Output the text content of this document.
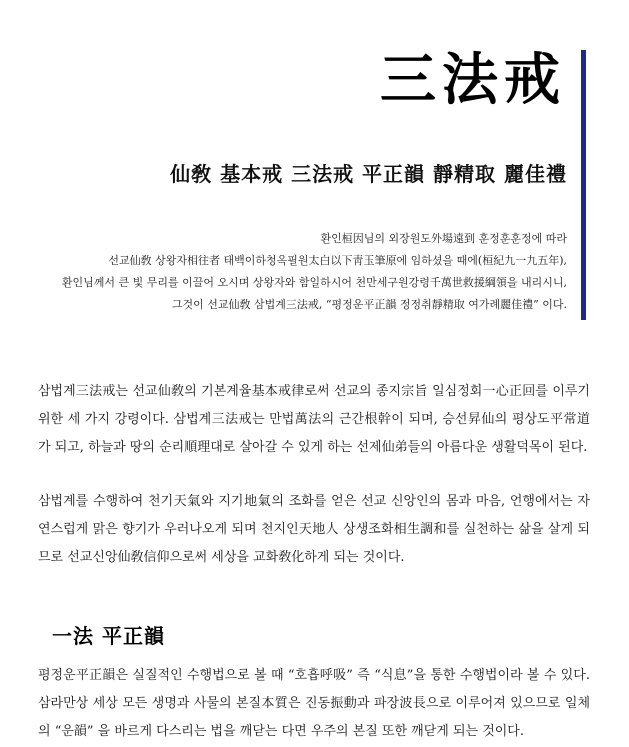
三法戒
仙敎 基本戒 三法戒 平正韻 靜精取 麗佳禮

환인桓因님의 외장원도外場遠到 훈정훈훈정에 따라

선교仙敎 상왕자相往者 태백이하청옥필원太白以下靑玉筆原에 임하셨을 때에(桓紀九一九五年),

환인님께서 큰 빛 무리를 이끌어 오시며 상왕자와 함일하시어 천만세구원강령千萬世救援綱領을 내리시니,

그것이 선교仙敎 삼법계三法戒, “평정운平正韻 정정취靜精取 여가례麗佳禮” 이다.

삼법계三法戒는 선교仙敎의 기본계율基本戒律로써 선교의 종지宗旨 일심정회一心正回를 이루기 위한 세 가지 강령이다. 삼법계三法戒는 만법萬法의 근간根幹이 되며, 승선昇仙의 평상도平常道가 되고, 하늘과 땅의 순리順理대로 살아갈 수 있게 하는 선제仙弟들의 아름다운 생활덕목이 된다.

삼법계를 수행하여 천기天氣와 지기地氣의 조화를 얻은 선교 신앙인의 몸과 마음, 언행에서는 자연스럽게 맑은 향기가 우러나오게 되며 천지인天地人 상생조화相生調和를 실천하는 삶을 살게 되므로 선교신앙仙敎信仰으로써 세상을 교화敎化하게 되는 것이다.

一法 平正韻

평정운平正韻은 실질적인 수행법으로 볼 때 “호흡呼吸” 즉 “식息”을 통한 수행법이라 볼 수 있다. 삼라만상 세상 모든 생명과 사물의 본질本質은 진동振動과 파장波長으로 이루어져 있으므로 일체의 “운韻” 을 바르게 다스리는 법을 깨닫는 다면 우주의 본질 또한 깨닫게 되는 것이다.
